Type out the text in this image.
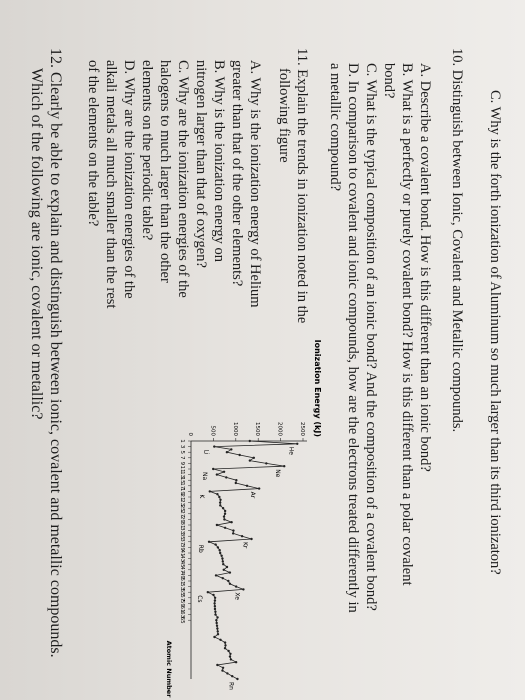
C. Why is the forth ionization of Aluminum so much larger than its third ionizaton?
10. Distinguish between Ionic, Covalent and Metallic compounds.
A. Describe a covalent bond. How is this different than an ionic bond?
B. What is a perfectly or purely covalent bond? How is this different than a polar covalent
bond?
C. What is the typical composition of an ionic bond? And the composition of a covalent bond?
D. In comparison to covalent and ionic compounds, how are the electrons treated differently in
a metallic compound?
11. Explain the trends in ionization noted in the
following figure
A. Why is the ionization energy of Helium
greater than that of the other elements?
B. Why is the ionization energy on
nitrogen larger than that of oxygen?
C. Why are the ionization energies of the
halogens to much larger than the other
elements on the periodic table?
D. Why are the ionization energies of the
alkali metals all much smaller than the rest
of the elements on the table?
12. Clearly be able to explain and distinguish between ionic, covalent and metallic compounds.
Which of the following are ionic, covalent or metallic?	Ionization Energy (kJ)
500	1000	1500	2000	2500
0
1
3
5
7
9
11
13
15
17
19
21
23
25
27
29
31
33
35
37
39
41
43
45
47
49
51
53
55
57
59
61
63
65
Atomic Number
He
Ne
Li
Na
Ar
K
Kr
Rb
Xe
Cs
Rn
